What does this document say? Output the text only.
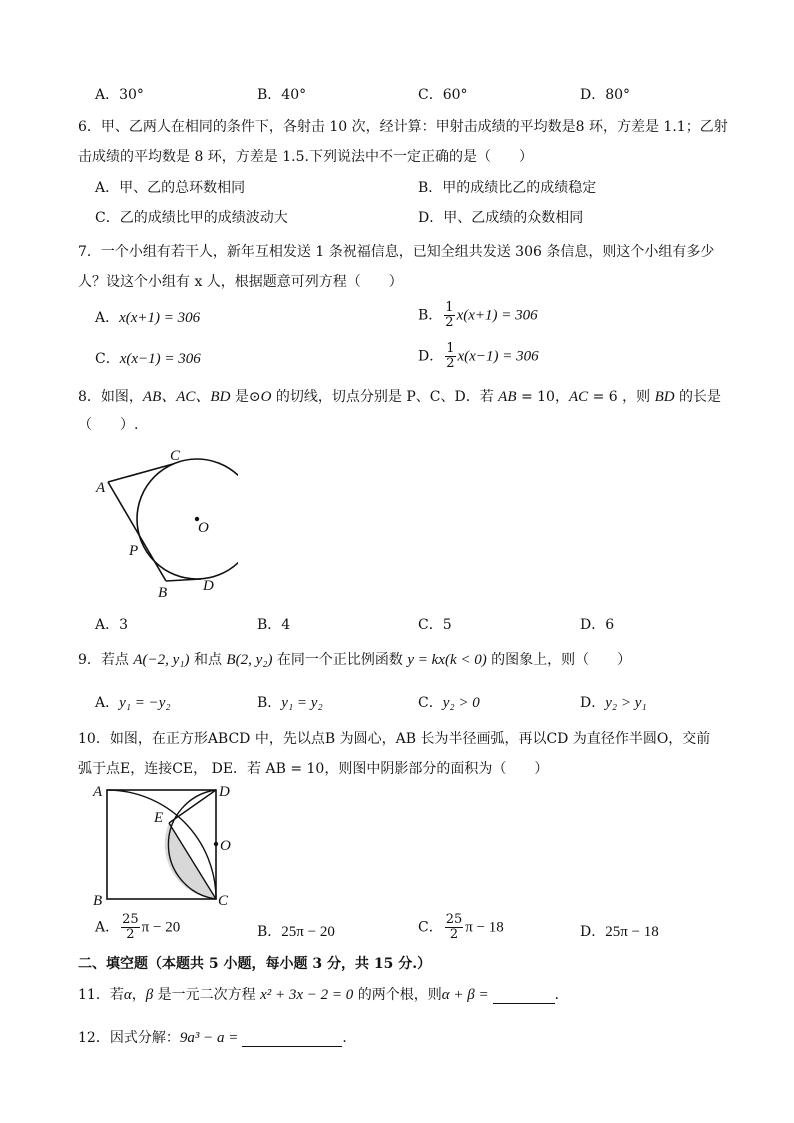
A．30°	B．40°	C．60°	D．80°
6．甲、乙两人在相同的条件下，各射击 10 次，经计算：甲射击成绩的平均数是8 环，方差是 1.1；乙射
击成绩的平均数是 8 环，方差是 1.5.下列说法中不一定正确的是（　　）
A．甲、乙的总环数相同	B．甲的成绩比乙的成绩稳定
C．乙的成绩比甲的成绩波动大	D．甲、乙成绩的众数相同
7．一个小组有若干人，新年互相发送 1 条祝福信息，已知全组共发送 306 条信息，则这个小组有多少
人？设这个小组有 x 人，根据题意可列方程（　　）
A．x(x+1) = 306	B． $\frac{1}{2} x(x+1) = 306$
C．x(x−1) = 306	D． $\frac{1}{2} x(x-1) = 306$
8．如图，AB、AC、BD 是⊙O 的切线，切点分别是 P、C、D．若 AB = 10，AC = 6 ，则 BD 的长是
（　　）.
A
C
O
P
B D
A．3	B．4	C．5	D．6
9．若点 A(−2, y₁) 和点 B(2, y₂) 在同一个正比例函数 y = kx(k < 0) 的图象上，则（　　）
A．y₁ = −y₂	B．y₁ = y₂	C．y₂ > 0	D．y₂ > y₁
10．如图，在正方形ABCD 中，先以点B 为圆心，AB 长为半径画弧，再以CD 为直径作半圆O，交前
弧于点E，连接CE， DE．若 AB = 10，则图中阴影部分的面积为（　　）
A	D
E
O
B	C
A． $\frac{25}{2}$ π − 20	B．25π − 20	C． $\frac{25}{2}$ π − 18	D．25π − 18
二、填空题（本题共 5 小题，每小题 3 分，共 15 分.）
11．若α，β 是一元二次方程 x² + 3x − 2 = 0 的两个根，则α + β =	．
12．因式分解：9a³ − a =	．
